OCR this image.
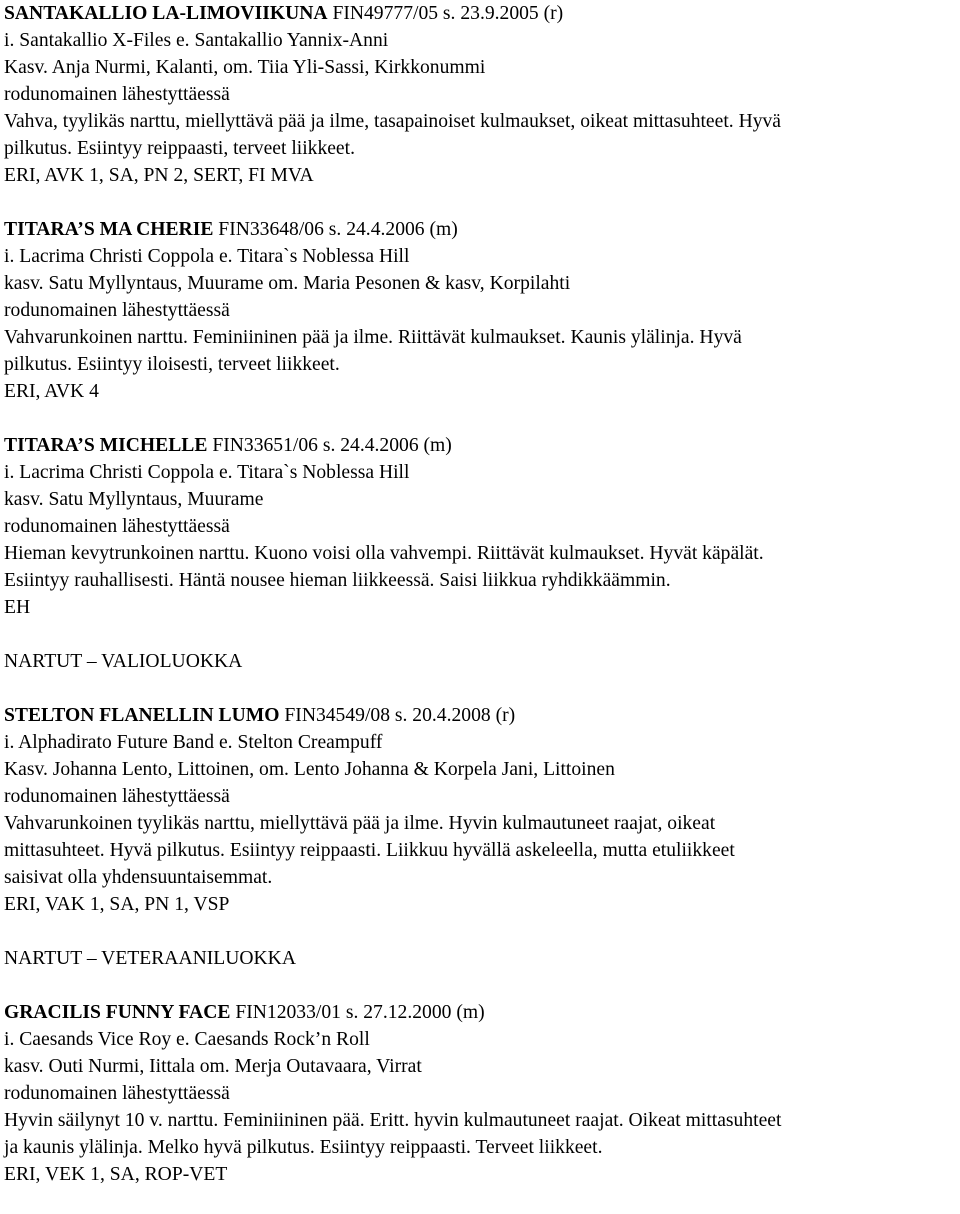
SANTAKALLIO LA-LIMOVIIKUNA FIN49777/05 s. 23.9.2005 (r)
i. Santakallio X-Files e. Santakallio Yannix-Anni
Kasv. Anja Nurmi, Kalanti, om. Tiia Yli-Sassi, Kirkkonummi
rodunomainen lähestyttäessä
Vahva, tyylikäs narttu, miellyttävä pää ja ilme, tasapainoiset kulmaukset, oikeat mittasuhteet. Hyvä
pilkutus. Esiintyy reippaasti, terveet liikkeet.
ERI, AVK 1, SA, PN 2, SERT, FI MVA
TITARA’S MA CHERIE FIN33648/06 s. 24.4.2006 (m)
i. Lacrima Christi Coppola e. Titara`s Noblessa Hill
kasv. Satu Myllyntaus, Muurame om. Maria Pesonen & kasv, Korpilahti
rodunomainen lähestyttäessä
Vahvarunkoinen narttu. Feminiininen pää ja ilme. Riittävät kulmaukset. Kaunis ylälinja. Hyvä
pilkutus. Esiintyy iloisesti, terveet liikkeet.
ERI, AVK 4
TITARA’S MICHELLE FIN33651/06 s. 24.4.2006 (m)
i. Lacrima Christi Coppola e. Titara`s Noblessa Hill
kasv. Satu Myllyntaus, Muurame
rodunomainen lähestyttäessä
Hieman kevytrunkoinen narttu. Kuono voisi olla vahvempi. Riittävät kulmaukset. Hyvät käpälät.
Esiintyy rauhallisesti. Häntä nousee hieman liikkeessä. Saisi liikkua ryhdikkäämmin.
EH
NARTUT – VALIOLUOKKA
STELTON FLANELLIN LUMO FIN34549/08 s. 20.4.2008 (r)
i. Alphadirato Future Band e. Stelton Creampuff
Kasv. Johanna Lento, Littoinen, om. Lento Johanna & Korpela Jani, Littoinen
rodunomainen lähestyttäessä
Vahvarunkoinen tyylikäs narttu, miellyttävä pää ja ilme. Hyvin kulmautuneet raajat, oikeat
mittasuhteet. Hyvä pilkutus. Esiintyy reippaasti. Liikkuu hyvällä askeleella, mutta etuliikkeet
saisivat olla yhdensuuntaisemmat.
ERI, VAK 1, SA, PN 1, VSP
NARTUT – VETERAANILUOKKA
GRACILIS FUNNY FACE FIN12033/01 s. 27.12.2000 (m)
i. Caesands Vice Roy e. Caesands Rock’n Roll
kasv. Outi Nurmi, Iittala om. Merja Outavaara, Virrat
rodunomainen lähestyttäessä
Hyvin säilynyt 10 v. narttu. Feminiininen pää. Eritt. hyvin kulmautuneet raajat. Oikeat mittasuhteet
ja kaunis ylälinja. Melko hyvä pilkutus. Esiintyy reippaasti. Terveet liikkeet.
ERI, VEK 1, SA, ROP-VET
